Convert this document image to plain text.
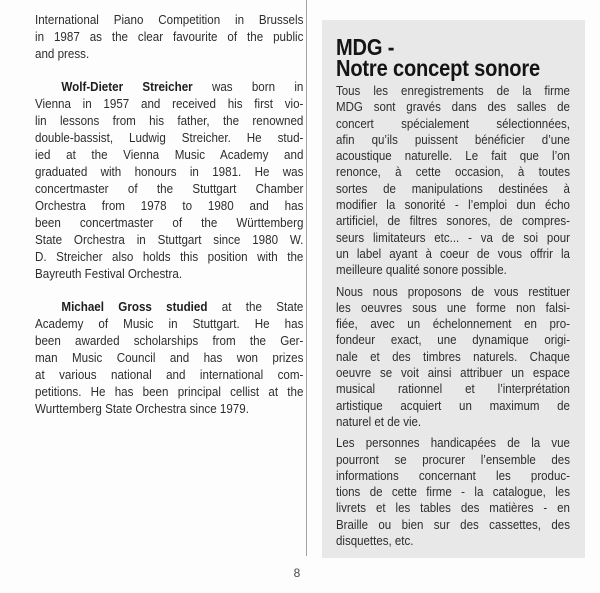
International Piano Competition in Brussels
in 1987 as the clear favourite of the public
and press.
Wolf-Dieter Streicher was born in
Vienna in 1957 and received his first vio-
lin lessons from his father, the renowned
double-bassist, Ludwig Streicher. He stud-
ied at the Vienna Music Academy and
graduated with honours in 1981. He was
concertmaster of the Stuttgart Chamber
Orchestra from 1978 to 1980 and has
been concertmaster of the Württemberg
State Orchestra in Stuttgart since 1980 W.
D. Streicher also holds this position with the
Bayreuth Festival Orchestra.
Michael Gross studied at the State
Academy of Music in Stuttgart. He has
been awarded scholarships from the Ger-
man Music Council and has won prizes
at various national and international com-
petitions. He has been principal cellist at the
Wurttemberg State Orchestra since 1979.
MDG -
Notre concept sonore
Tous les enregistrements de la firme
MDG sont gravés dans des salles de
concert spécialement sélectionnées,
afin qu’ils puissent bénéficier d’une
acoustique naturelle. Le fait que l’on
renonce, à cette occasion, à toutes
sortes de manipulations destinées à
modifier la sonorité - l’emploi dun écho
artificiel, de filtres sonores, de compres-
seurs limitateurs etc... - va de soi pour
un label ayant à coeur de vous offrir la
meilleure qualité sonore possible.
Nous nous proposons de vous restituer
les oeuvres sous une forme non falsi-
fiée, avec un échelonnement en pro-
fondeur exact, une dynamique origi-
nale et des timbres naturels. Chaque
oeuvre se voit ainsi attribuer un espace
musical rationnel et l’interprétation
artistique acquiert un maximum de
naturel et de vie.
Les personnes handicapées de la vue
pourront se procurer l’ensemble des
informations concernant les produc-
tions de cette firme - la catalogue, les
livrets et les tables des matières - en
Braille ou bien sur des cassettes, des
disquettes, etc.
8
